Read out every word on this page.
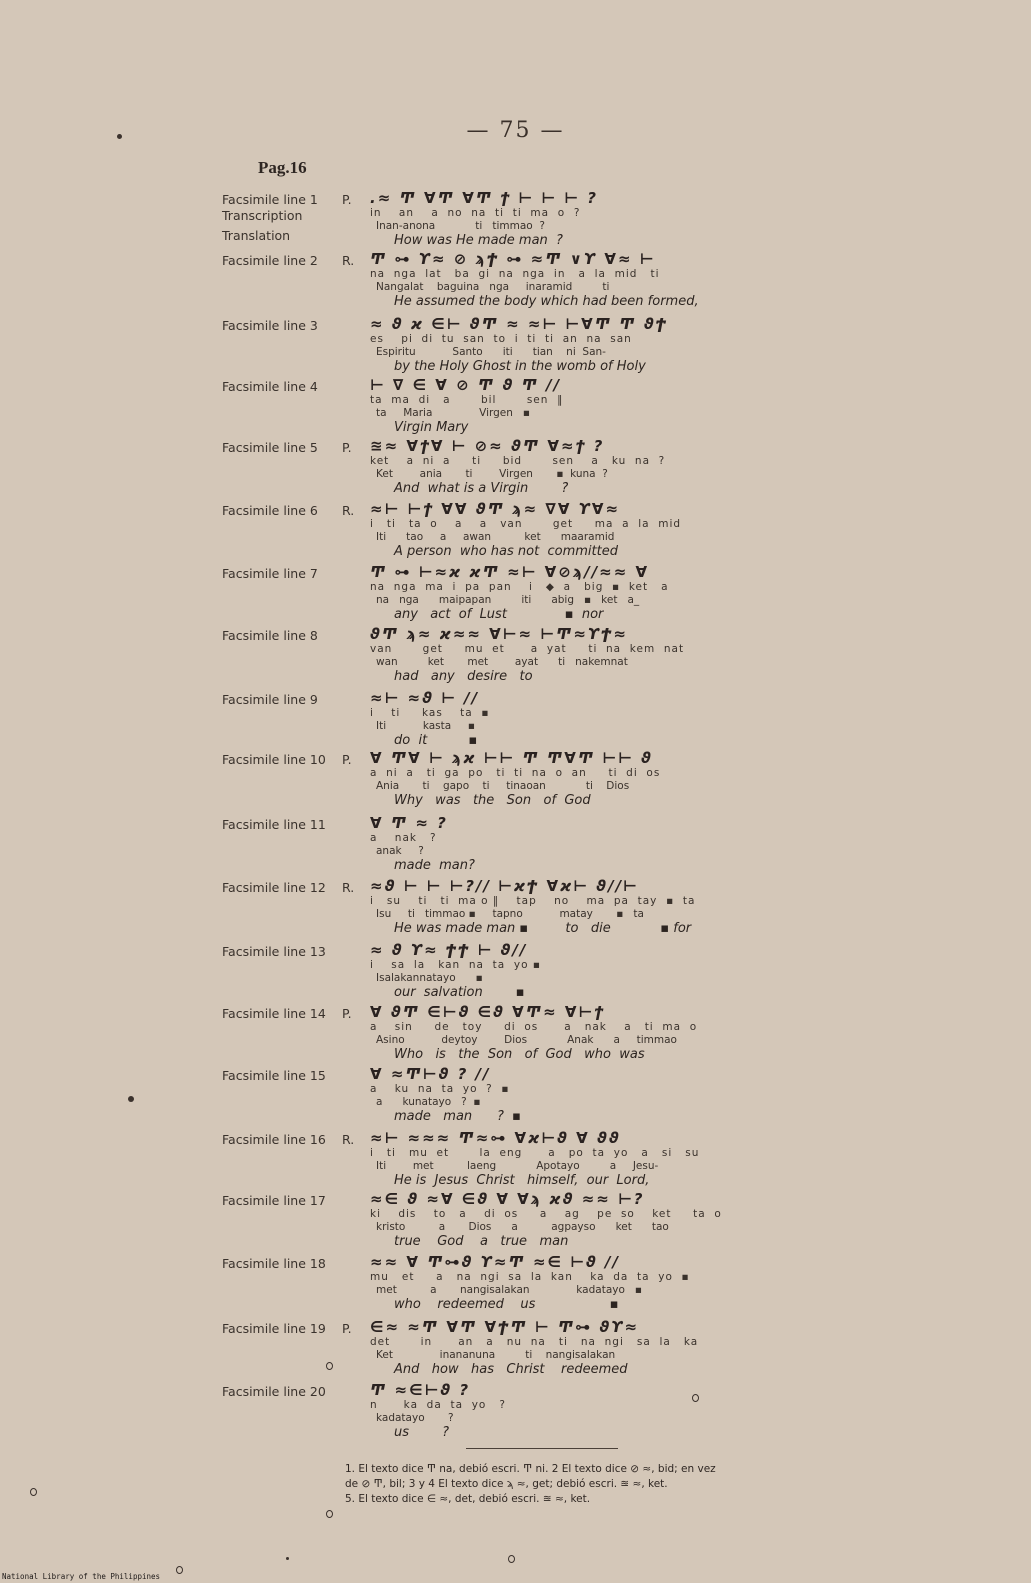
— 75 —
Pag.16
Facsimile line 1 P.
Transcription
Translation
.≈ Ͳ ∀Ͳ ∀Ͳ ϯ ⊢ ⊢ ⊢ ?
in    an    a  no  na  ti  ti  ma  o  ?
Inan-anona            ti   timmao  ?
How was He made man  ?
Facsimile line 2 R. Ͳ ⊶ ϒ≈ ⊘ ϡϮ ⊶ ≈Ͳ ∨ϒ ∀≈ ⊢
na  nga  lat   ba  gi  na  nga  in   a  la  mid   ti
Nangalat    baguina   nga     inaramid         ti
He assumed the body which had been formed,
Facsimile line 3	≈ ϑ ϰ ∈⊢ ϑͲ ≈ ≈⊢ ⊢∀Ͳ Ͳ ϑϮ
es    pi  di  tu  san  to  i  ti  ti  an  na  san
Espiritu           Santo      iti      tian    ni  San-
by the Holy Ghost in the womb of Holy
Facsimile line 4	⊢ ∇ ∈ ∀ ⊘ Ͳ ϑ Ͳ //
ta  ma  di   a       bil       sen  ‖
ta     Maria              Virgen   ▪
Virgin Mary
Facsimile line 5 P. ≊≈ ∀ϯ∀ ⊢ ⊘≈ ϑͲ ∀≈ϯ ?
ket    a  ni  a     ti     bid       sen    a   ku  na  ?
Ket        ania       ti        Virgen       ▪  kuna  ?
And  what is a Virgin        ?
Facsimile line 6 R. ≈⊢ ⊢ϯ ∀∀ ϑͲ ϡ≈ ∇∀ ϒ∀≈
i   ti   ta  o    a    a   van       get     ma  a  la  mid
Iti      tao     a     awan          ket      maaramid
A person  who has not  committed
Facsimile line 7	Ͳ ⊶ ⊢≈ϰ ϰͲ ≈⊢ ∀⊘ϡ//≈≈ ∀
na  nga  ma  i  pa  pan    i   ◆  a   big  ▪  ket   a
na   nga      maipapan         iti      abig   ▪   ket   a_
any   act  of  Lust              ▪  nor
Facsimile line 8	ϑͲ ϡ≈ ϰ≈≈ ∀⊢≈ ⊢Ͳ≈ϒϮ≈
van       get     mu  et      a  yat     ti  na  kem  nat
wan         ket       met        ayat      ti   nakemnat
had   any   desire   to
Facsimile line 9	≈⊢ ≈ϑ ⊢ //
i    ti     kas    ta  ▪
Iti           kasta     ▪
do  it          ▪
Facsimile line 10 P. ∀ Ͳ∀ ⊢ ϡϰ ⊢⊢ Ͳ Ͳ∀Ͳ ⊢⊢ ϑ
a  ni  a   ti  ga  po   ti  ti  na  o  an     ti  di  os
Ania       ti    gapo    ti     tinaoan            ti    Dios
Why   was   the   Son   of  God
Facsimile line 11	∀ Ͳ ≈ ?
a    nak   ?
anak     ?
made  man?
Facsimile line 12 R. ≈ϑ ⊢ ⊢ ⊢?// ⊢ϰϮ ∀ϰ⊢ ϑ//⊢
i   su    ti   ti  ma o ‖    tap    no    ma  pa  tay  ▪  ta
Isu     ti   timmao ▪     tapno           matay       ▪   ta
He was made man ▪         to   die            ▪ for
Facsimile line 13	≈ ϑ ϒ≈ ϮϮ ⊢ ϑ//
i    sa  la   kan  na  ta  yo ▪
Isalakannatayo      ▪
our  salvation        ▪
Facsimile line 14 P. ∀ ϑͲ ∈⊢ϑ ∈ϑ ∀Ͳ≈ ∀⊢ϯ
a    sin     de   toy     di  os      a   nak    a   ti  ma  o
Asino           deytoy        Dios            Anak      a     timmao
Who   is   the  Son   of  God   who  was
Facsimile line 15	∀ ≈Ͳ⊢ϑ ? //
a    ku  na  ta  yo  ?  ▪
a      kunatayo   ?  ▪
made   man      ?  ▪
Facsimile line 16 R. ≈⊢ ≈≈≈ Ͳ≈⊶ ∀ϰ⊢ϑ ∀ ϑϑ
i   ti   mu  et       la  eng      a   po  ta  yo   a   si   su
Iti        met          laeng            Apotayo         a     Jesu-
He is  Jesus  Christ   himself,  our  Lord,
Facsimile line 17	≈∈ ϑ ≈∀ ∈ϑ ∀ ∀ϡ ϰϑ ≈≈ ⊢?
ki    dis    to   a    di  os     a    ag    pe  so    ket     ta  o
kristo          a       Dios      a          agpayso      ket      tao
true    God    a   true   man
Facsimile line 18	≈≈ ∀ Ͳ⊶ϑ ϒ≈Ͳ ≈∈ ⊢ϑ //
mu   et     a   na  ngi  sa  la  kan    ka  da  ta  yo  ▪
met          a       nangisalakan              kadatayo   ▪
who    redeemed    us                  ▪
Facsimile line 19 P. ∈≈ ≈Ͳ ∀Ͳ ∀ϮͲ ⊢ Ͳ⊶ ϑϒ≈
det       in      an   a   nu  na   ti   na  ngi   sa  la   ka
Ket              inananuna         ti    nangisalakan
And   how   has   Christ    redeemed
Facsimile line 20	Ͳ ≈∈⊢ϑ ?
n      ka  da  ta  yo   ?
kadatayo       ?
us        ?
1. El texto dice Ͳ na, debió escri. Ͳ ni. 2 El texto dice ⊘ ≈, bid; en vez
de ⊘ Ͳ, bil; 3 y 4 El texto dice ϡ ≈, get; debió escri. ≊ ≈, ket.
5. El texto dice ∈ ≈, det, debió escri. ≊ ≈, ket.
National Library of the Philippines
